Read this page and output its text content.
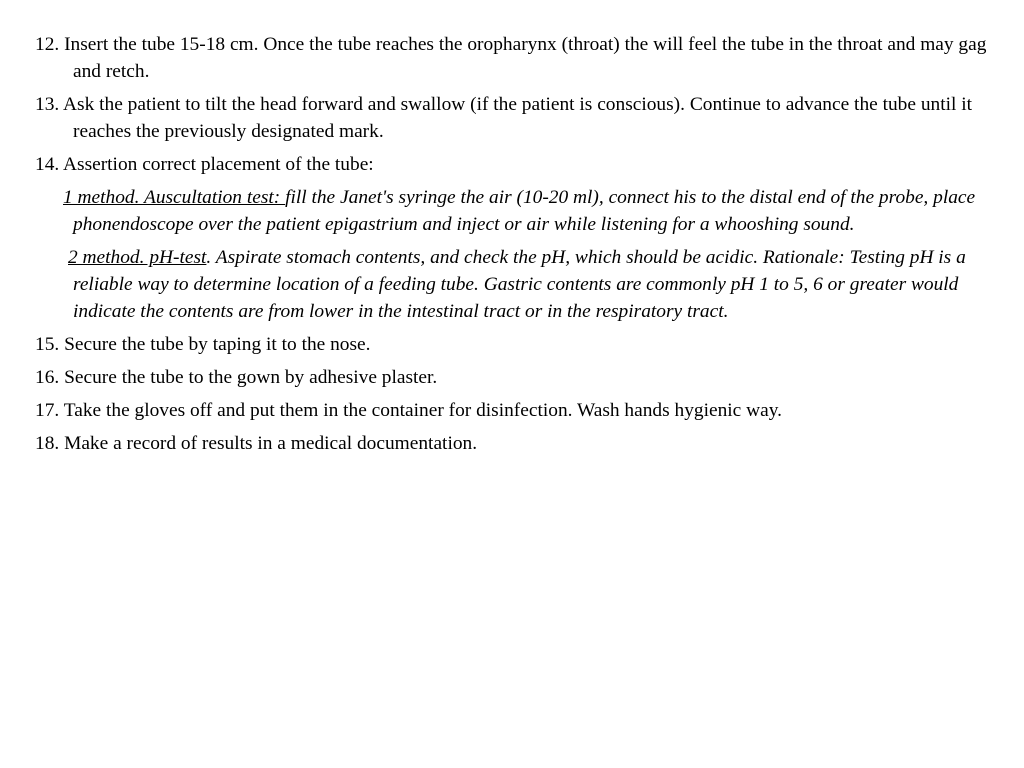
12. Insert the tube 15-18 cm. Once the tube reaches the oropharynx (throat) the will feel the tube in the throat and may gag and retch.

13. Ask the patient to tilt the head forward and swallow (if the patient is conscious). Continue to advance the tube until it reaches the previously designated mark.

14. Assertion correct placement of the tube:

1 method. Auscultation test: fill the Janet's syringe the air (10-20 ml), connect his to the distal end of the probe, place phonendoscope over the patient epigastrium and inject or air while listening for a whooshing sound.

2 method. pH-test. Aspirate stomach contents, and check the pH, which should be acidic. Rationale: Testing pH is a reliable way to determine location of a feeding tube. Gastric contents are commonly pH 1 to 5, 6 or greater would indicate the contents are from lower in the intestinal tract or in the respiratory tract.

15. Secure the tube by taping it to the nose.

16. Secure the tube to the gown by adhesive plaster.

17. Take the gloves off and put them in the container for disinfection. Wash hands hygienic way.

18. Make a record of results in a medical documentation.
